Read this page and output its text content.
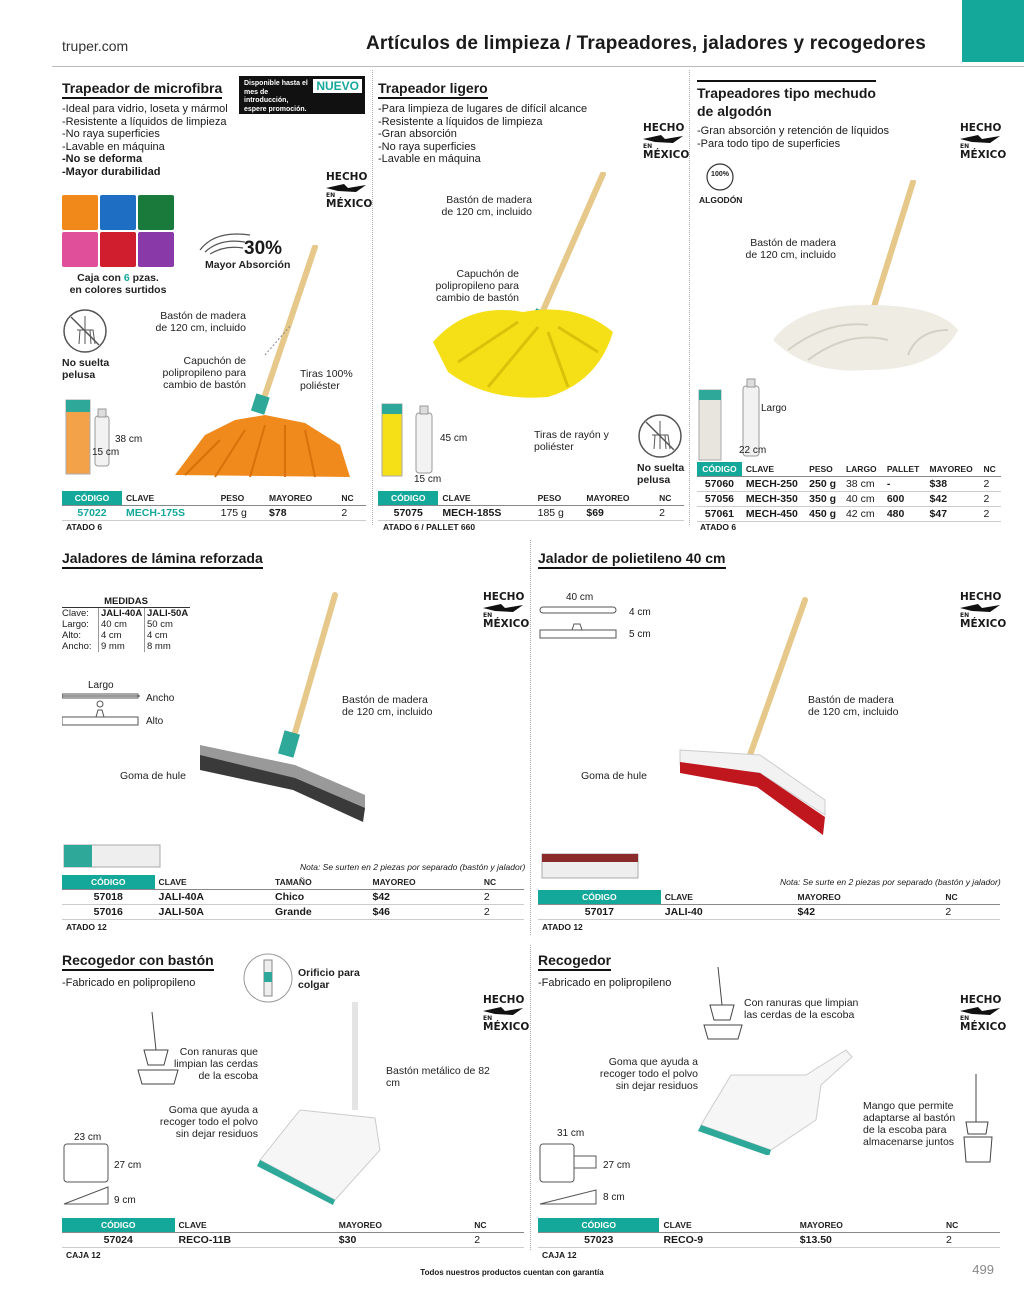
truper.com	Artículos de limpieza / Trapeadores, jaladores y recogedores
Trapeador de microfibra
- Ideal para vidrio, loseta y mármol
- Resistente a líquidos de limpieza
- No raya superficies
- Lavable en máquina
- No se deforma
- Mayor durabilidad
Disponible hasta el mes de introducción, espere promoción.
NUEVO
Caja con 6 pzas.
en colores surtidos
30%
Mayor Absorción
No suelta pelusa
Bastón de madera de 120 cm, incluido
Capuchón de polipropileno para cambio de bastón
Tiras 100% poliéster
38 cm
15 cm
CÓDIGO	CLAVE	PESO	MAYOREO	NC
57022	MECH-175S	175 g	$78	2
ATADO 6
HECHO
EN
MÉXICO
Trapeador ligero
- Para limpieza de lugares de difícil alcance
- Resistente a líquidos de limpieza
- Gran absorción
- No raya superficies
- Lavable en máquina
HECHO
EN
MÉXICO
Bastón de madera de 120 cm, incluido
Capuchón de polipropileno para cambio de bastón
Tiras de rayón y poliéster
45 cm
15 cm
No suelta pelusa
CÓDIGO	CLAVE	PESO	MAYOREO	NC
57075	MECH-185S	185 g	$69	2
ATADO 6 / PALLET 660
Trapeadores tipo mechudo
de algodón
- Gran absorción y retención de líquidos
- Para todo tipo de superficies
HECHO
EN
MÉXICO
100%
ALGODÓN
Bastón de madera de 120 cm, incluido
Largo
22 cm
CÓDIGO	CLAVE	PESO	LARGO	PALLET	MAYOREO	NC
57060	MECH-250	250 g	38 cm	-	$38	2
57056	MECH-350	350 g	40 cm	600	$42	2
57061	MECH-450	450 g	42 cm	480	$47	2
ATADO 6
Jaladores de lámina reforzada
HECHO
EN
MÉXICO
MEDIDAS
Clave:	JALI-40A JALI-50A
Largo:	40 cm	50 cm
Alto:	4 cm	4 cm
Ancho: 9 mm	8 mm
Largo
Ancho
Alto
Bastón de madera de 120 cm, incluido
Goma de hule
Nota: Se surten en 2 piezas por separado (bastón y jalador)
CÓDIGO	CLAVE	TAMAÑO	MAYOREO	NC
57018	JALI-40A	Chico	$42	2
57016	JALI-50A	Grande	$46	2
ATADO 12
Jalador de polietileno 40 cm
HECHO
EN
MÉXICO
40 cm
4 cm
5 cm
Bastón de madera de 120 cm, incluido
Goma de hule
Nota: Se surte en 2 piezas por separado (bastón y jalador)
CÓDIGO	CLAVE	MAYOREO	NC
57017	JALI-40	$42	2
ATADO 12
Recogedor con bastón
- Fabricado en polipropileno
Orificio para colgar
Con ranuras que limpian las cerdas de la escoba	Bastón metálico de 82 cm
Goma que ayuda a recoger todo el polvo sin dejar residuos
23 cm
27 cm
9 cm
HECHO
EN
MÉXICO
CÓDIGO	CLAVE	MAYOREO	NC
57024	RECO-11B	$30	2
CAJA 12
Recogedor
- Fabricado en polipropileno
HECHO
EN
MÉXICO
Con ranuras que limpian las cerdas de la escoba
Goma que ayuda a recoger todo el polvo sin dejar residuos
Mango que permite adaptarse al bastón de la escoba para almacenarse juntos
31 cm
27 cm
8 cm
CÓDIGO	CLAVE	MAYOREO	NC
57023	RECO-9	$13.50	2
CAJA 12
Todos nuestros productos cuentan con garantía	499
